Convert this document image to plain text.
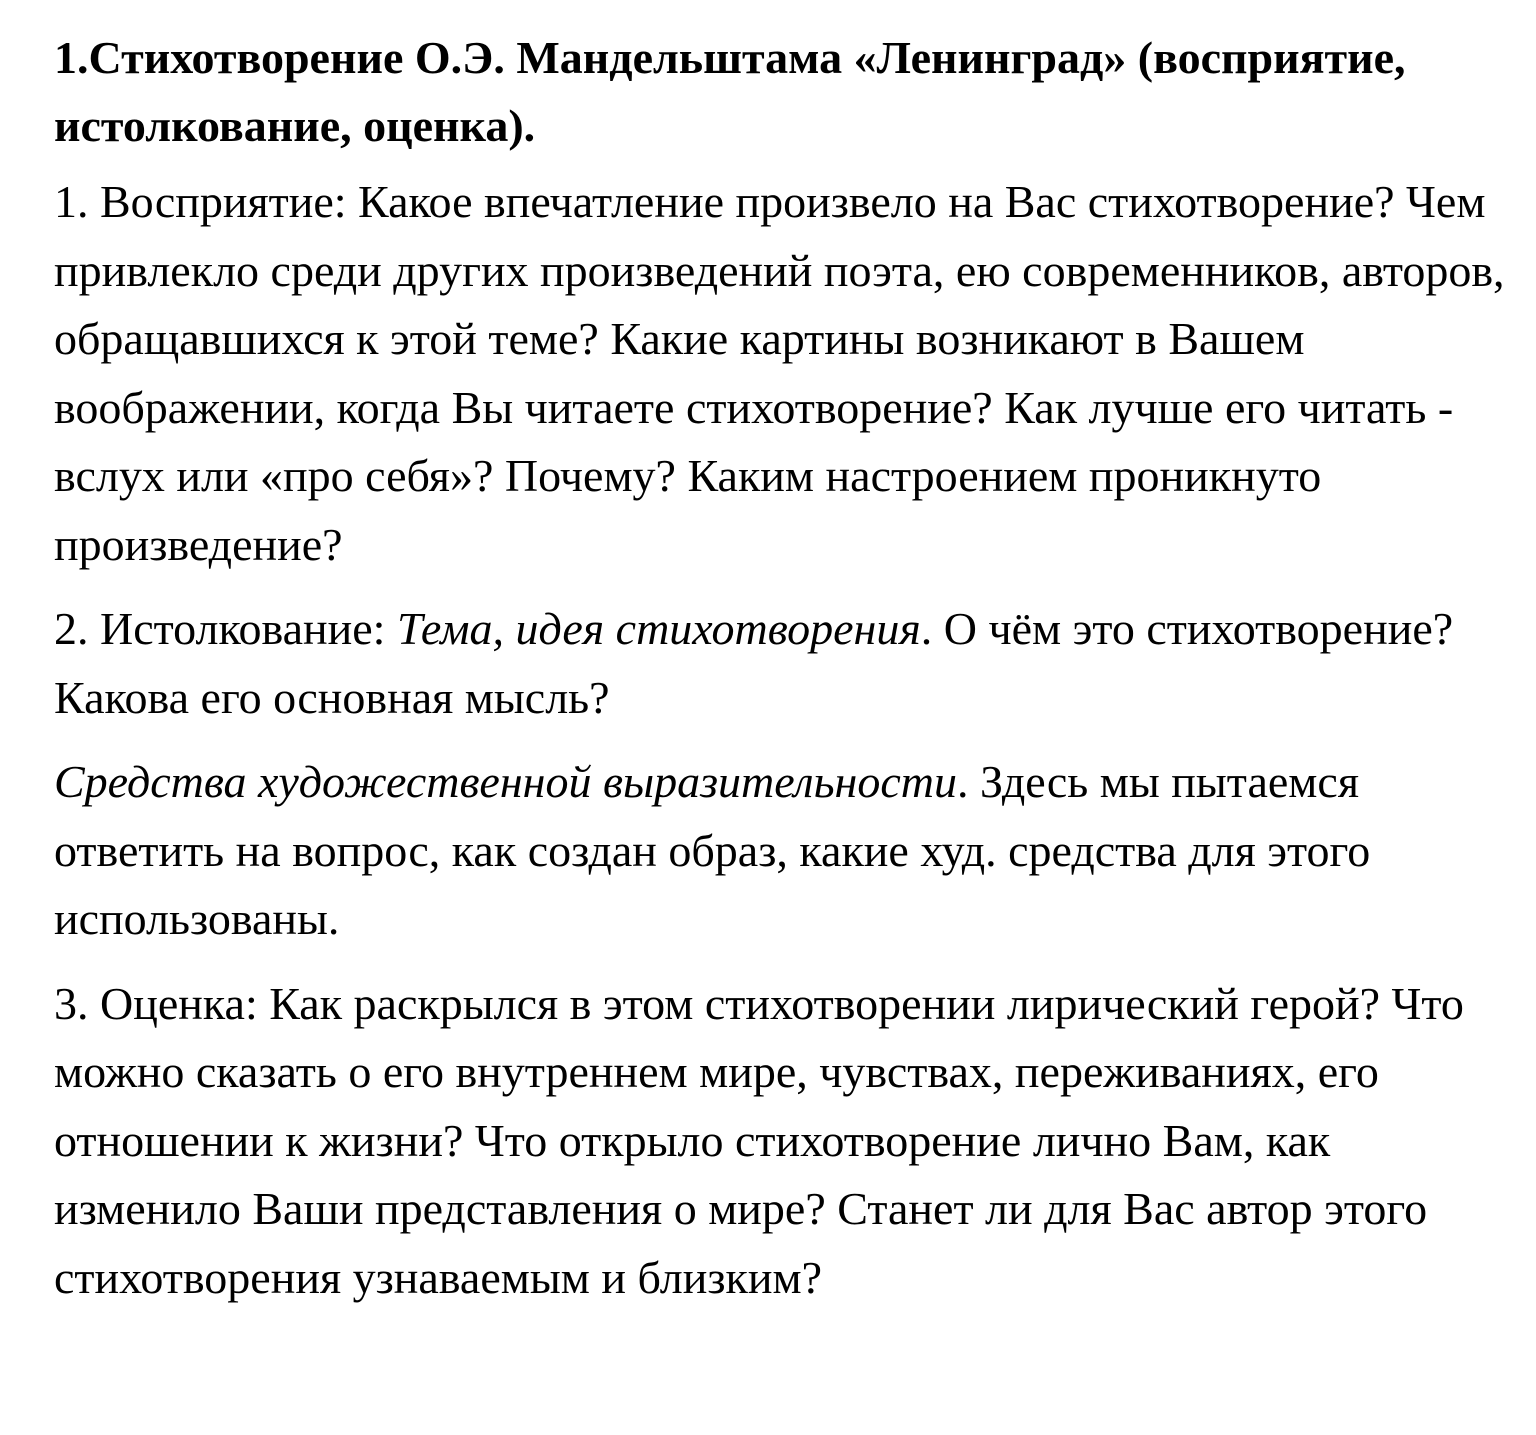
1.Стихотворение О.Э. Мандельштама «Ленинград» (восприятие, истолкование, оценка).

1. Восприятие: Какое впечатление произвело на Вас стихотворение? Чем привлекло среди других произведений поэта, ею современников, авторов, обращавшихся к этой теме? Какие картины возникают в Вашем воображении, когда Вы читаете стихотворение? Как лучше его читать - вслух или «про себя»? Почему? Каким настроением проникнуто произведение?

2. Истолкование: Тема, идея стихотворения. О чём это стихотворение? Какова его основная мысль?

Средства художественной выразительности. Здесь мы пытаемся ответить на вопрос, как создан образ, какие худ. средства для этого использованы.

3. Оценка: Как раскрылся в этом стихотворении лирический герой? Что можно сказать о его внутреннем мире, чувствах, переживаниях, его отношении к жизни? Что открыло стихотворение лично Вам, как изменило Ваши представления о мире? Станет ли для Вас автор этого стихотворения узнаваемым и близким?
